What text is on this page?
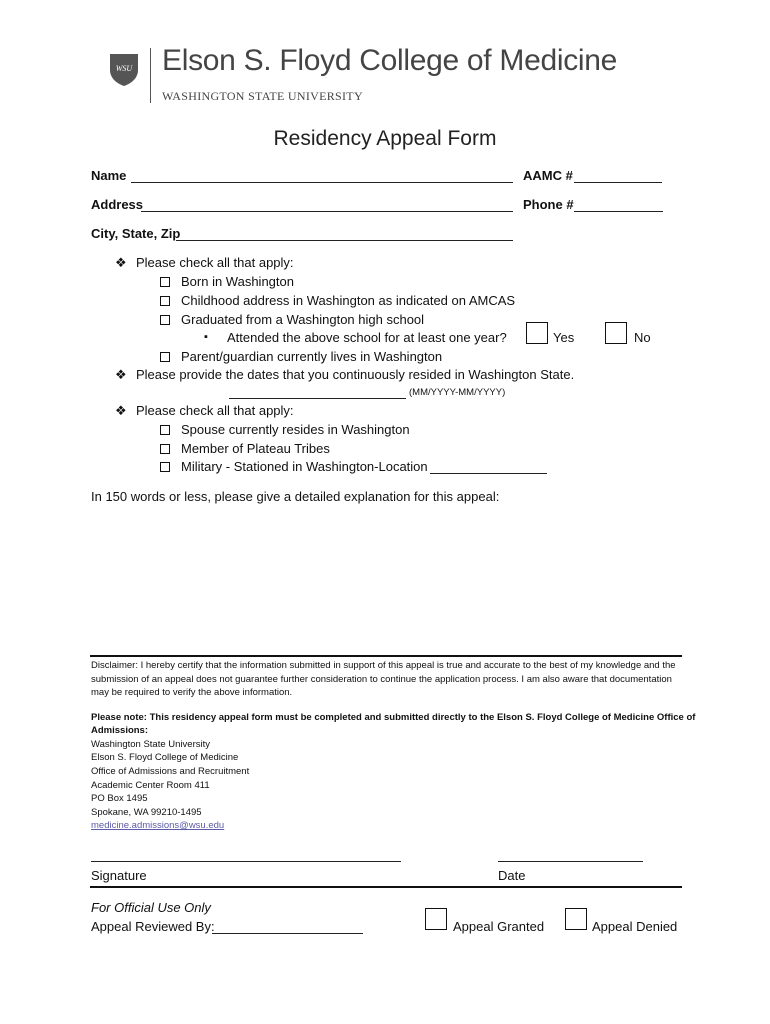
WSU Elson S. Floyd College of Medicine
WASHINGTON STATE UNIVERSITY
Residency Appeal Form
Name	AAMC #
Address	Phone #
City, State, Zip
❖ Please check all that apply:
Born in Washington
Childhood address in Washington as indicated on AMCAS
Graduated from a Washington high school
▪ Attended the above school for at least one year?	Yes	No
Parent/guardian currently lives in Washington
❖ Please provide the dates that you continuously resided in Washington State.
(MM/YYYY-MM/YYYY)
❖ Please check all that apply:
Spouse currently resides in Washington
Member of Plateau Tribes
Military - Stationed in Washington-Location
In 150 words or less, please give a detailed explanation for this appeal:
Disclaimer: I hereby certify that the information submitted in support of this appeal is true and accurate to the best of my knowledge and the
submission of an appeal does not guarantee further consideration to continue the application process. I am also aware that documentation
may be required to verify the above information.
Please note: This residency appeal form must be completed and submitted directly to the Elson S. Floyd College of Medicine Office of
Admissions:
Washington State University
Elson S. Floyd College of Medicine
Office of Admissions and Recruitment
Academic Center Room 411
PO Box 1495
Spokane, WA 99210-1495
medicine.admissions@wsu.edu
Signature	Date
For Official Use Only
Appeal Reviewed By:	Appeal Granted	Appeal Denied
